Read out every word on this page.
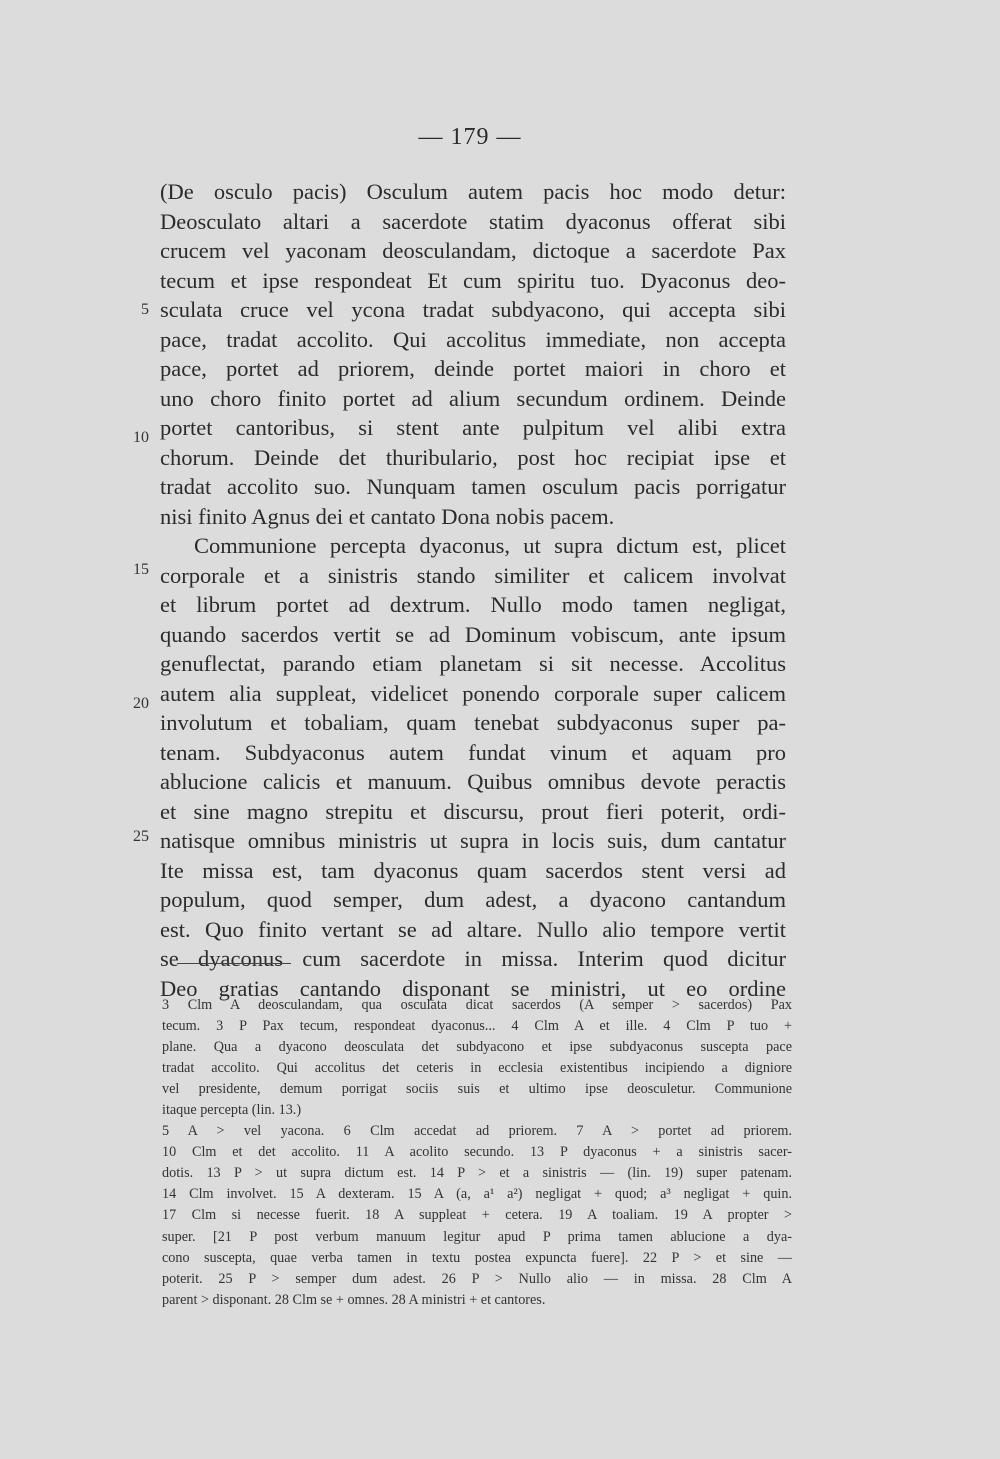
— 179 —
(De osculo pacis) Osculum autem pacis hoc modo detur:
Deosculato altari a sacerdote statim dyaconus offerat sibi
crucem vel yaconam deosculandam, dictoque a sacerdote Pax
tecum et ipse respondeat Et cum spiritu tuo. Dyaconus deo-
sculata cruce vel ycona tradat subdyacono, qui accepta sibi
pace, tradat accolito. Qui accolitus immediate, non accepta
pace, portet ad priorem, deinde portet maiori in choro et
uno choro finito portet ad alium secundum ordinem. Deinde
portet cantoribus, si stent ante pulpitum vel alibi extra
chorum. Deinde det thuribulario, post hoc recipiat ipse et
tradat accolito suo. Nunquam tamen osculum pacis porrigatur
nisi finito Agnus dei et cantato Dona nobis pacem.
Communione percepta dyaconus, ut supra dictum est, plicet
corporale et a sinistris stando similiter et calicem involvat
et librum portet ad dextrum. Nullo modo tamen negligat,
quando sacerdos vertit se ad Dominum vobiscum, ante ipsum
genuflectat, parando etiam planetam si sit necesse. Accolitus
autem alia suppleat, videlicet ponendo corporale super calicem
involutum et tobaliam, quam tenebat subdyaconus super pa-
tenam. Subdyaconus autem fundat vinum et aquam pro
ablucione calicis et manuum. Quibus omnibus devote peractis
et sine magno strepitu et discursu, prout fieri poterit, ordi-
natisque omnibus ministris ut supra in locis suis, dum cantatur
Ite missa est, tam dyaconus quam sacerdos stent versi ad
populum, quod semper, dum adest, a dyacono cantandum
est. Quo finito vertant se ad altare. Nullo alio tempore vertit
se dyaconus cum sacerdote in missa. Interim quod dicitur
Deo gratias cantando disponant se ministri, ut eo ordine
5
10
15
20
25
3 Clm A deosculandam, qua osculata dicat sacerdos (A semper > sacerdos) Pax
tecum. 3 P Pax tecum, respondeat dyaconus... 4 Clm A et ille. 4 Clm P tuo +
plane. Qua a dyacono deosculata det subdyacono et ipse subdyaconus suscepta pace
tradat accolito. Qui accolitus det ceteris in ecclesia existentibus incipiendo a digniore
vel presidente, demum porrigat sociis suis et ultimo ipse deosculetur. Communione
itaque percepta (lin. 13.)
5 A > vel yacona. 6 Clm accedat ad priorem. 7 A > portet ad priorem.
10 Clm et det accolito. 11 A acolito secundo. 13 P dyaconus + a sinistris sacer-
dotis. 13 P > ut supra dictum est. 14 P > et a sinistris — (lin. 19) super patenam.
14 Clm involvet. 15 A dexteram. 15 A (a, a¹ a²) negligat + quod; a³ negligat + quin.
17 Clm si necesse fuerit. 18 A suppleat + cetera. 19 A toaliam. 19 A propter >
super. [21 P post verbum manuum legitur apud P prima tamen ablucione a dya-
cono suscepta, quae verba tamen in textu postea expuncta fuere]. 22 P > et sine —
poterit. 25 P > semper dum adest. 26 P > Nullo alio — in missa. 28 Clm A
parent > disponant. 28 Clm se + omnes. 28 A ministri + et cantores.
